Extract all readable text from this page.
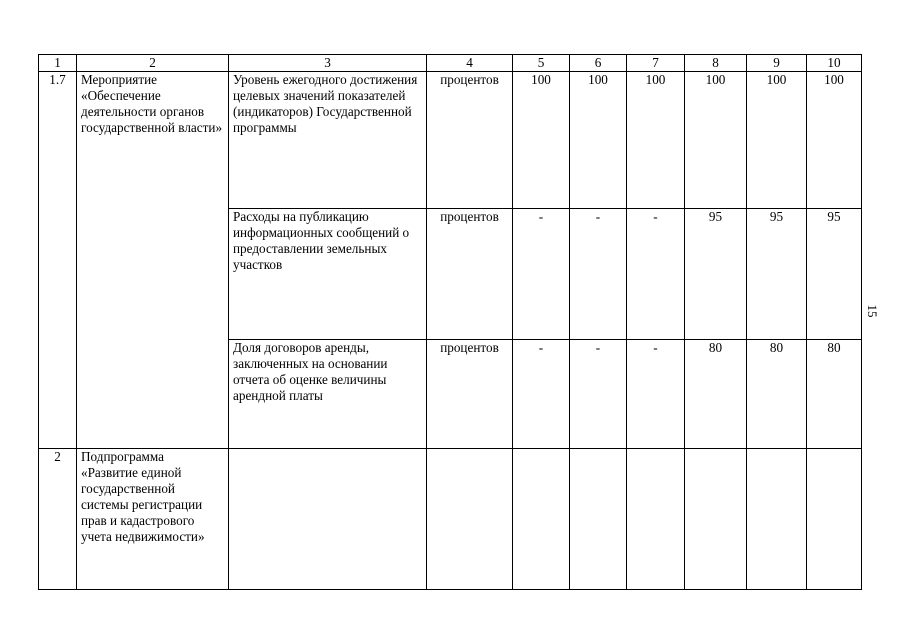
1	2	3	4	5	6	7	8	9	10
1.7	Мероприятие «Обеспечение деятельности органов государственной власти»	Уровень ежегодного достижения целевых значений показателей (индикаторов) Государственной программы	процентов	100	100	100	100	100	100
		Расходы на публикацию информационных сообщений о предоставлении земельных участков	процентов	-	-	-	95	95	95
		Доля договоров аренды, заключенных на основании отчета об оценке величины арендной платы	процентов	-	-	-	80	80	80
2	Подпрограмма «Развитие единой государственной системы регистрации прав и кадастрового учета недвижимости»								
15
